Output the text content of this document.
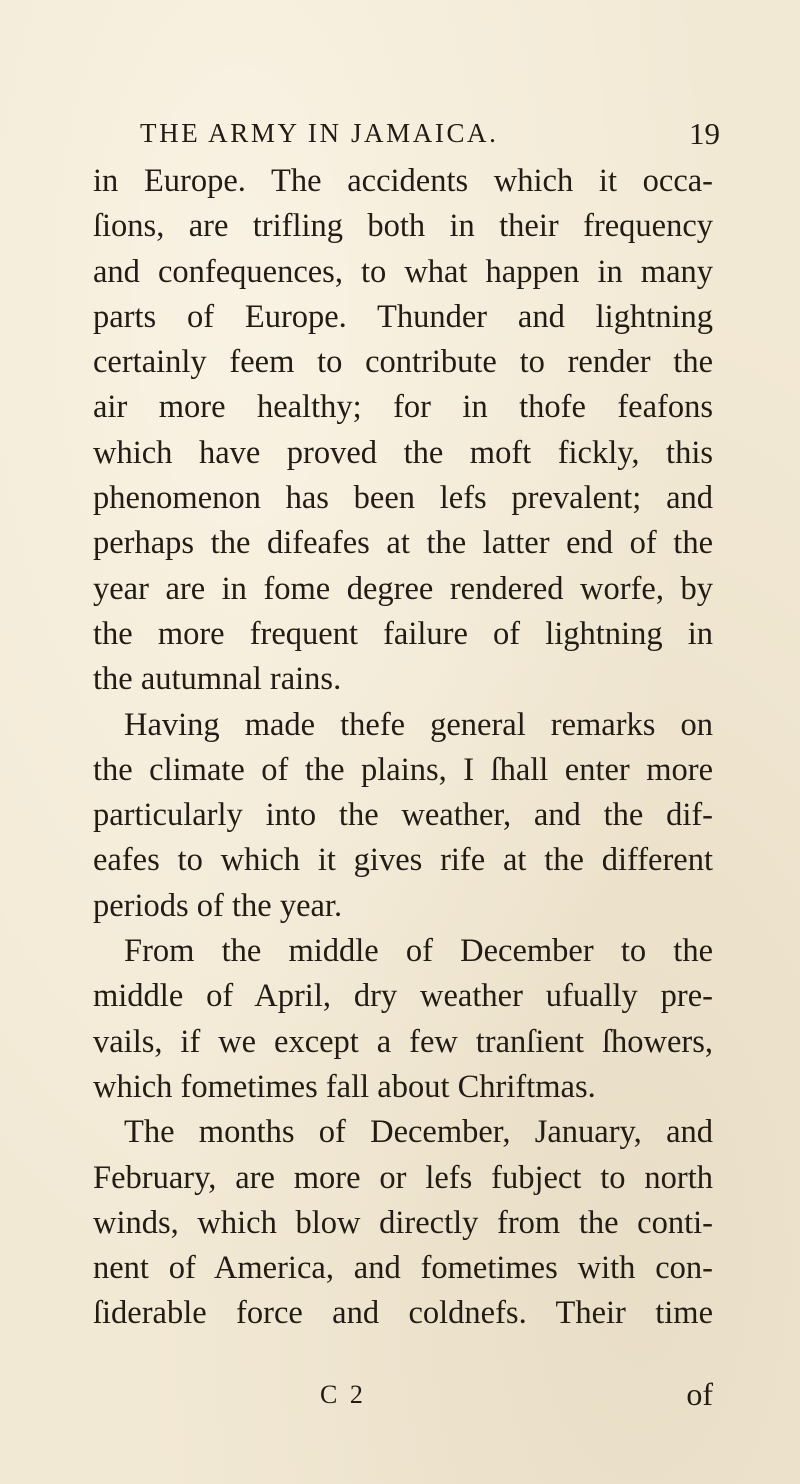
THE ARMY IN JAMAICA.	19
in Europe. The accidents which it occa-
ſions, are trifling both in their frequency
and confequences, to what happen in many
parts of Europe. Thunder and lightning
certainly feem to contribute to render the
air more healthy; for in thofe feafons
which have proved the moft fickly, this
phenomenon has been lefs prevalent; and
perhaps the difeafes at the latter end of the
year are in fome degree rendered worfe, by
the more frequent failure of lightning in
the autumnal rains.
Having made thefe general remarks on
the climate of the plains, I ſhall enter more
particularly into the weather, and the dif-
eafes to which it gives rife at the different
periods of the year.
From the middle of December to the
middle of April, dry weather ufually pre-
vails, if we except a few tranſient ſhowers,
which fometimes fall about Chriftmas.
The months of December, January, and
February, are more or lefs fubject to north
winds, which blow directly from the conti-
nent of America, and fometimes with con-
ſiderable force and coldnefs. Their time
C 2	of
